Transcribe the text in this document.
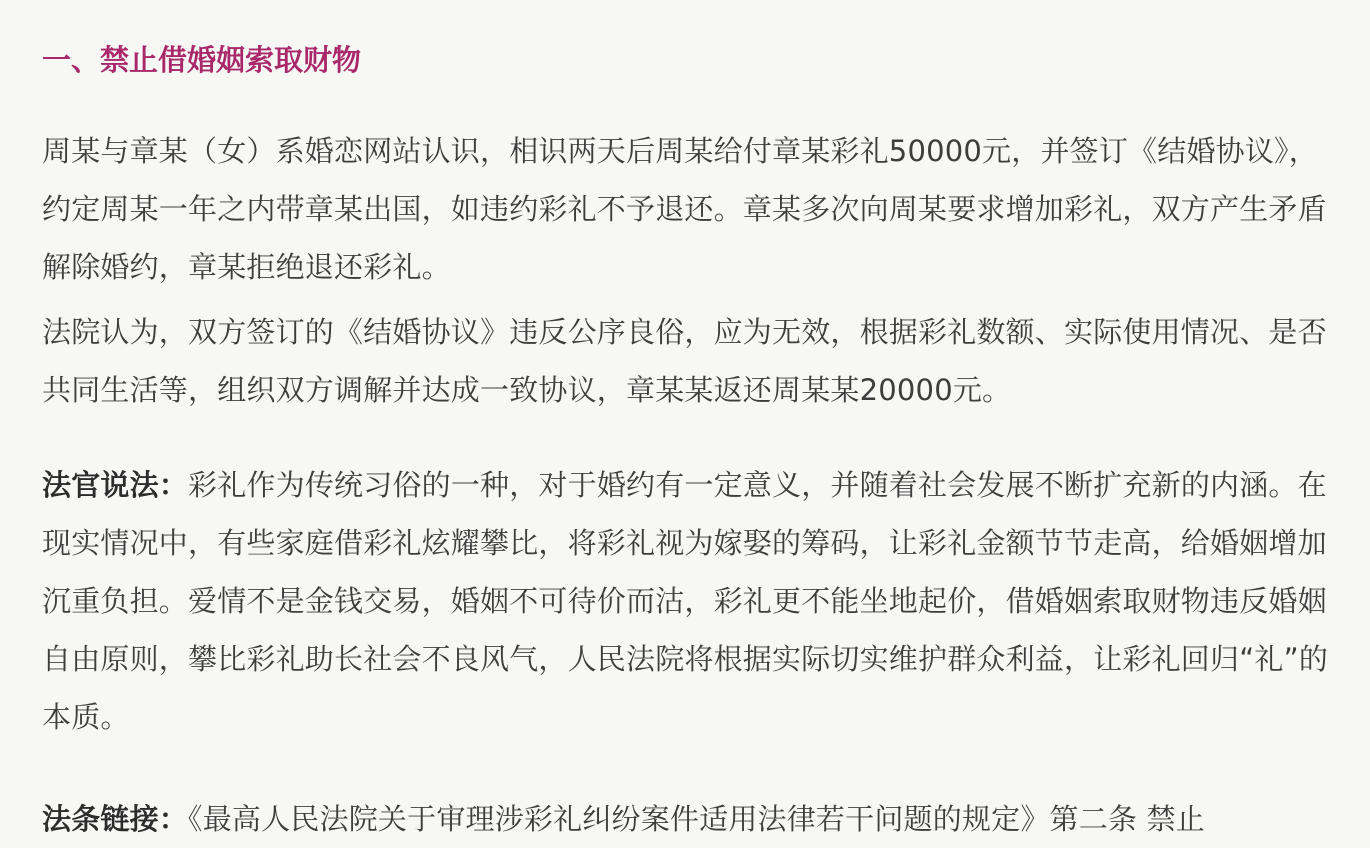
一、禁止借婚姻索取财物
周某与章某（女）系婚恋网站认识，相识两天后周某给付章某彩礼50000元，并签订《结婚协议》，约定周某一年之内带章某出国，如违约彩礼不予退还。章某多次向周某要求增加彩礼，双方产生矛盾解除婚约，章某拒绝退还彩礼。
法院认为，双方签订的《结婚协议》违反公序良俗，应为无效，根据彩礼数额、实际使用情况、是否共同生活等，组织双方调解并达成一致协议，章某某返还周某某20000元。
法官说法：彩礼作为传统习俗的一种，对于婚约有一定意义，并随着社会发展不断扩充新的内涵。在现实情况中，有些家庭借彩礼炫耀攀比，将彩礼视为嫁娶的筹码，让彩礼金额节节走高，给婚姻增加沉重负担。爱情不是金钱交易，婚姻不可待价而沽，彩礼更不能坐地起价，借婚姻索取财物违反婚姻自由原则，攀比彩礼助长社会不良风气，人民法院将根据实际切实维护群众利益，让彩礼回归“礼”的本质。
法条链接：《最高人民法院关于审理涉彩礼纠纷案件适用法律若干问题的规定》第二条 禁止
